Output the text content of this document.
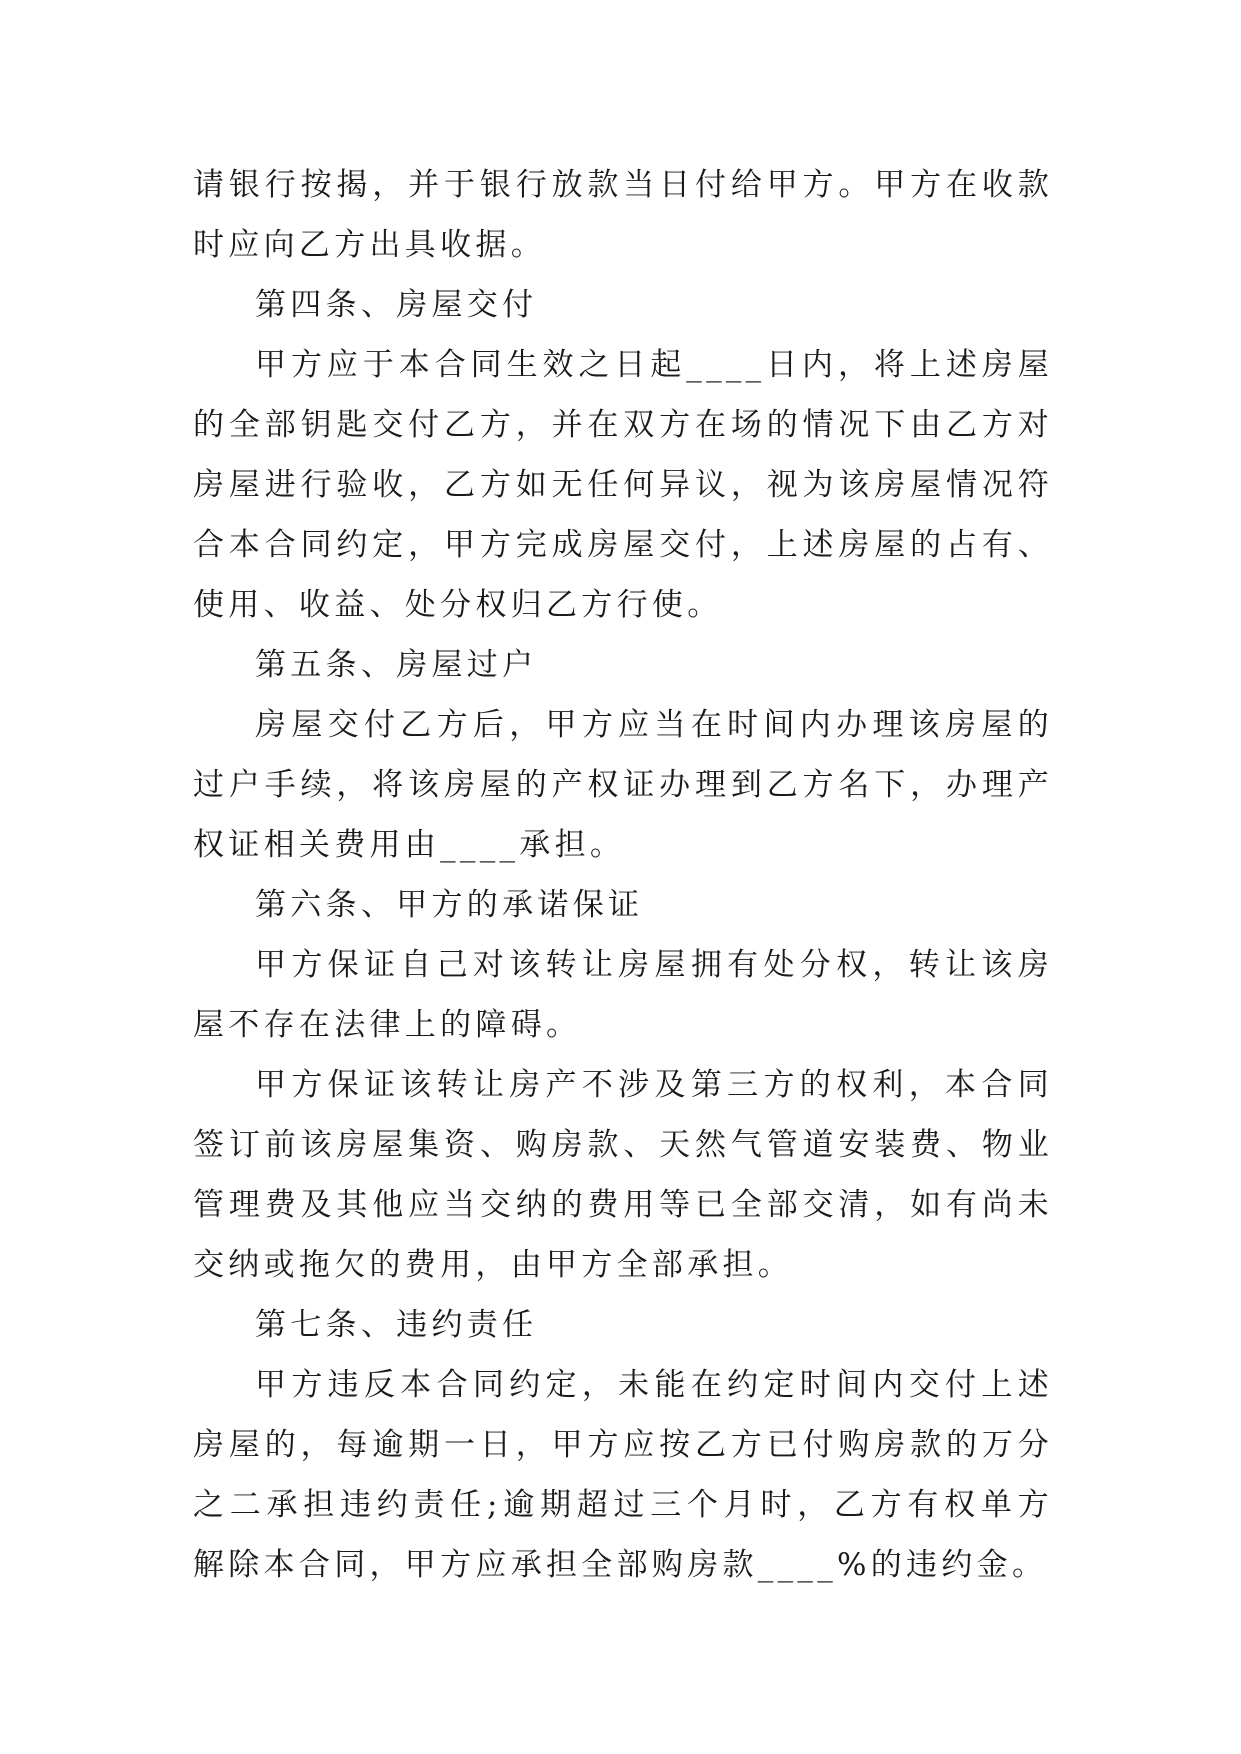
请银行按揭，并于银行放款当日付给甲方。甲方在收款时应向乙方出具收据。

第四条、房屋交付

甲方应于本合同生效之日起____日内，将上述房屋的全部钥匙交付乙方，并在双方在场的情况下由乙方对房屋进行验收，乙方如无任何异议，视为该房屋情况符合本合同约定，甲方完成房屋交付，上述房屋的占有、使用、收益、处分权归乙方行使。

第五条、房屋过户

房屋交付乙方后，甲方应当在时间内办理该房屋的过户手续，将该房屋的产权证办理到乙方名下，办理产权证相关费用由____承担。

第六条、甲方的承诺保证

甲方保证自己对该转让房屋拥有处分权，转让该房屋不存在法律上的障碍。

甲方保证该转让房产不涉及第三方的权利，本合同签订前该房屋集资、购房款、天然气管道安装费、物业管理费及其他应当交纳的费用等已全部交清，如有尚未交纳或拖欠的费用，由甲方全部承担。

第七条、违约责任

甲方违反本合同约定，未能在约定时间内交付上述房屋的，每逾期一日，甲方应按乙方已付购房款的万分之二承担违约责任;逾期超过三个月时，乙方有权单方解除本合同，甲方应承担全部购房款____%的违约金。
